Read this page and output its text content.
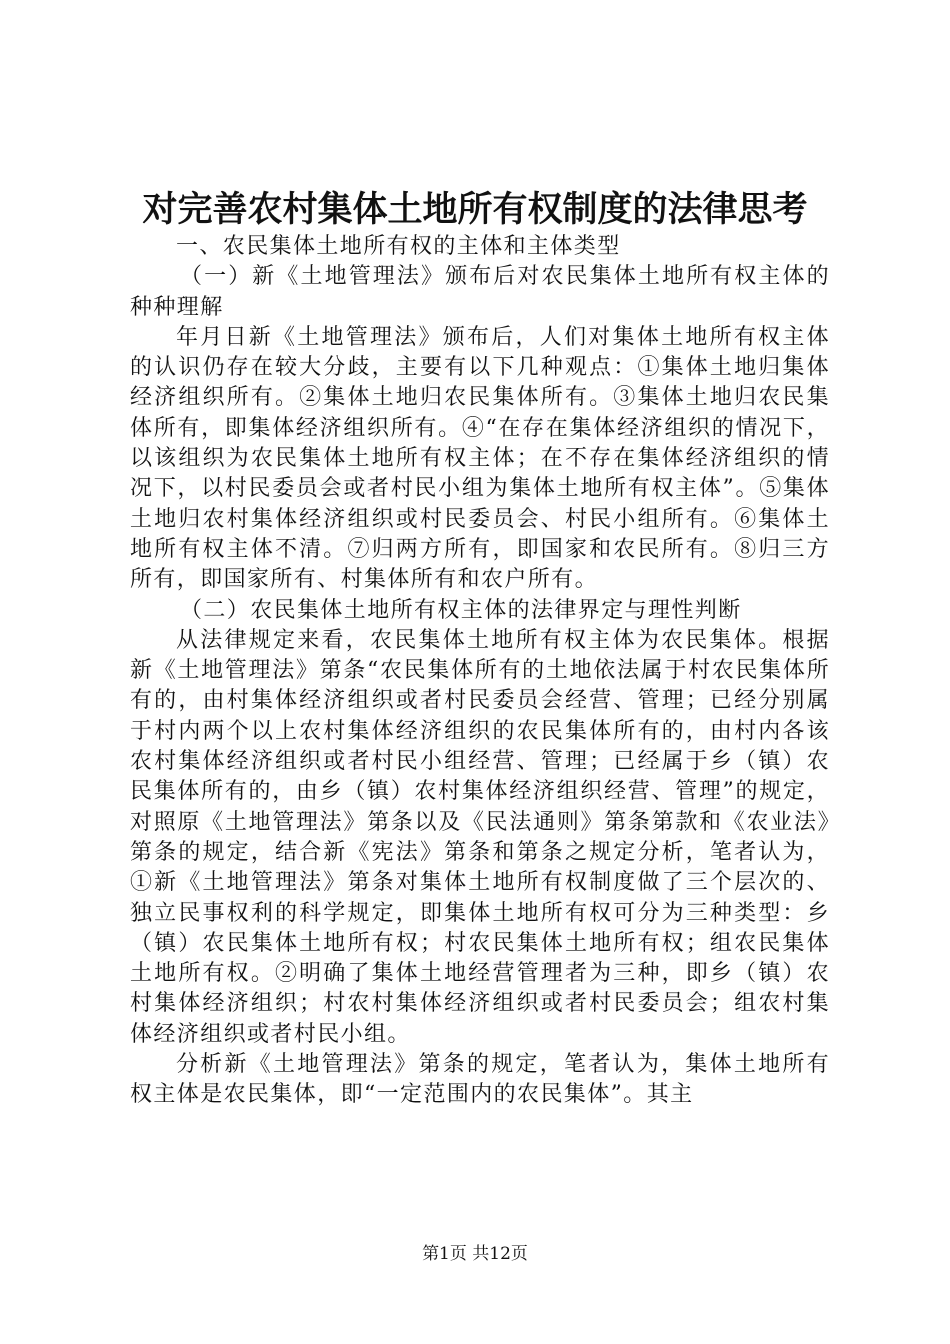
对完善农村集体土地所有权制度的法律思考

一、农民集体土地所有权的主体和主体类型

（一）新《土地管理法》颁布后对农民集体土地所有权主体的种种理解

年月日新《土地管理法》颁布后，人们对集体土地所有权主体的认识仍存在较大分歧，主要有以下几种观点：①集体土地归集体经济组织所有。②集体土地归农民集体所有。③集体土地归农民集体所有，即集体经济组织所有。④“在存在集体经济组织的情况下，以该组织为农民集体土地所有权主体；在不存在集体经济组织的情况下，以村民委员会或者村民小组为集体土地所有权主体”。⑤集体土地归农村集体经济组织或村民委员会、村民小组所有。⑥集体土地所有权主体不清。⑦归两方所有，即国家和农民所有。⑧归三方所有，即国家所有、村集体所有和农户所有。

（二）农民集体土地所有权主体的法律界定与理性判断

从法律规定来看，农民集体土地所有权主体为农民集体。根据新《土地管理法》第条“农民集体所有的土地依法属于村农民集体所有的，由村集体经济组织或者村民委员会经营、管理；已经分别属于村内两个以上农村集体经济组织的农民集体所有的，由村内各该农村集体经济组织或者村民小组经营、管理；已经属于乡（镇）农民集体所有的，由乡（镇）农村集体经济组织经营、管理”的规定，对照原《土地管理法》第条以及《民法通则》第条第款和《农业法》第条的规定，结合新《宪法》第条和第条之规定分析，笔者认为，①新《土地管理法》第条对集体土地所有权制度做了三个层次的、独立民事权利的科学规定，即集体土地所有权可分为三种类型：乡（镇）农民集体土地所有权；村农民集体土地所有权；组农民集体土地所有权。②明确了集体土地经营管理者为三种，即乡（镇）农村集体经济组织；村农村集体经济组织或者村民委员会；组农村集体经济组织或者村民小组。

分析新《土地管理法》第条的规定，笔者认为，集体土地所有权主体是农民集体，即“一定范围内的农民集体”。其主

第1页 共12页
